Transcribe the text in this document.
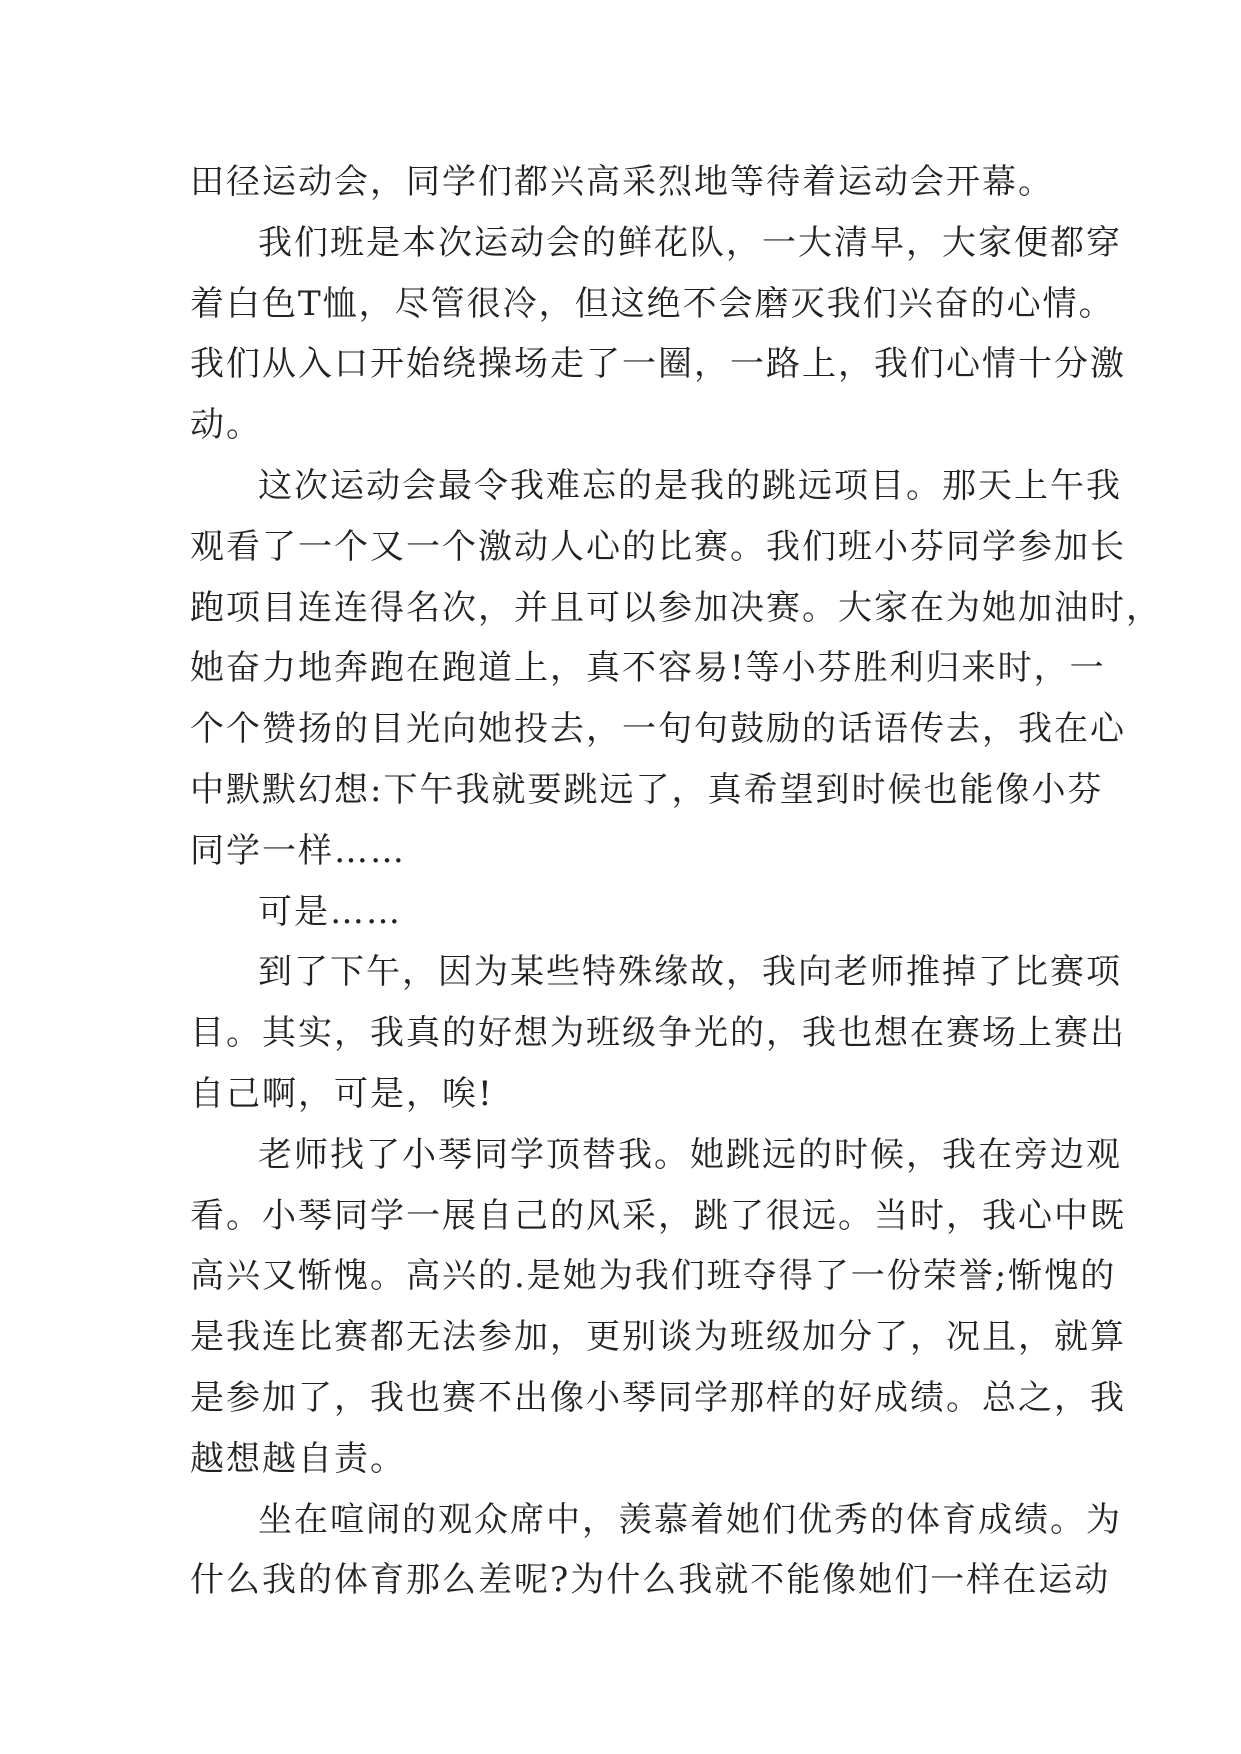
田径运动会，同学们都兴高采烈地等待着运动会开幕。
我们班是本次运动会的鲜花队，一大清早，大家便都穿
着白色T恤，尽管很冷，但这绝不会磨灭我们兴奋的心情。
我们从入口开始绕操场走了一圈，一路上，我们心情十分激
动。
这次运动会最令我难忘的是我的跳远项目。那天上午我
观看了一个又一个激动人心的比赛。我们班小芬同学参加长
跑项目连连得名次，并且可以参加决赛。大家在为她加油时，
她奋力地奔跑在跑道上，真不容易!等小芬胜利归来时，一
个个赞扬的目光向她投去，一句句鼓励的话语传去，我在心
中默默幻想:下午我就要跳远了，真希望到时候也能像小芬
同学一样……
可是……
到了下午，因为某些特殊缘故，我向老师推掉了比赛项
目。其实，我真的好想为班级争光的，我也想在赛场上赛出
自己啊，可是，唉!
老师找了小琴同学顶替我。她跳远的时候，我在旁边观
看。小琴同学一展自己的风采，跳了很远。当时，我心中既
高兴又惭愧。高兴的.是她为我们班夺得了一份荣誉;惭愧的
是我连比赛都无法参加，更别谈为班级加分了，况且，就算
是参加了，我也赛不出像小琴同学那样的好成绩。总之，我
越想越自责。
坐在喧闹的观众席中，羡慕着她们优秀的体育成绩。为
什么我的体育那么差呢?为什么我就不能像她们一样在运动
